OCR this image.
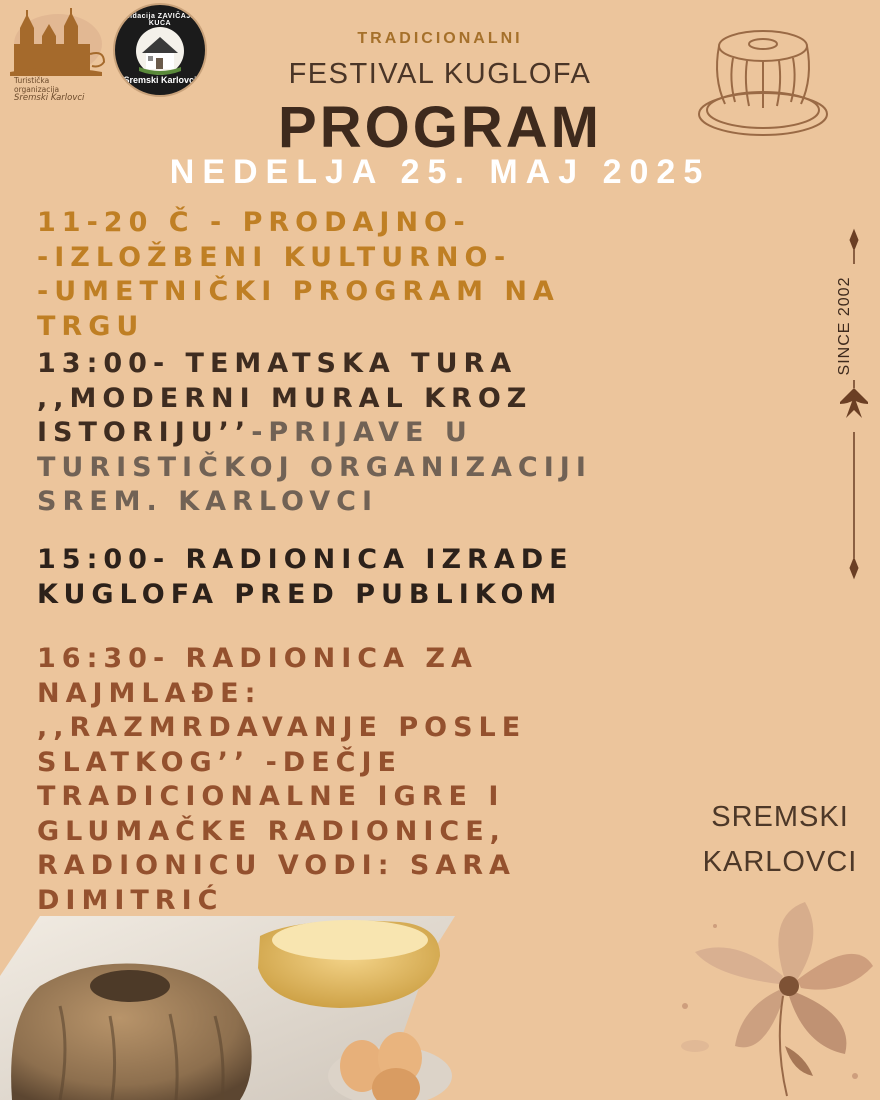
Turistička
organizacija
Sremski Karlovci
Fondacija ZAVIČAJNA KUĆA
Sremski Karlovci
TRADICIONALNI
FESTIVAL KUGLOFA
PROGRAM
NEDELJA 25. MAJ 2025
11-20 Č - PRODAJNO-
-IZLOŽBENI KULTURNO-
-UMETNIČKI PROGRAM NA
TRGU
13:00- TEMATSKA TURA
,,MODERNI MURAL KROZ
ISTORIJU’’-PRIJAVE U
TURISTIČKOJ ORGANIZACIJI
SREM. KARLOVCI
15:00- RADIONICA IZRADE
KUGLOFA PRED PUBLIKOM
16:30- RADIONICA ZA
NAJMLAĐE:
,,RAZMRDAVANJE POSLE
SLATKOG’’ -DEČJE
TRADICIONALNE IGRE I
GLUMAČKE RADIONICE,
RADIONICU VODI: SARA
DIMITRIĆ
SINCE 2002
SREMSKI
KARLOVCI
